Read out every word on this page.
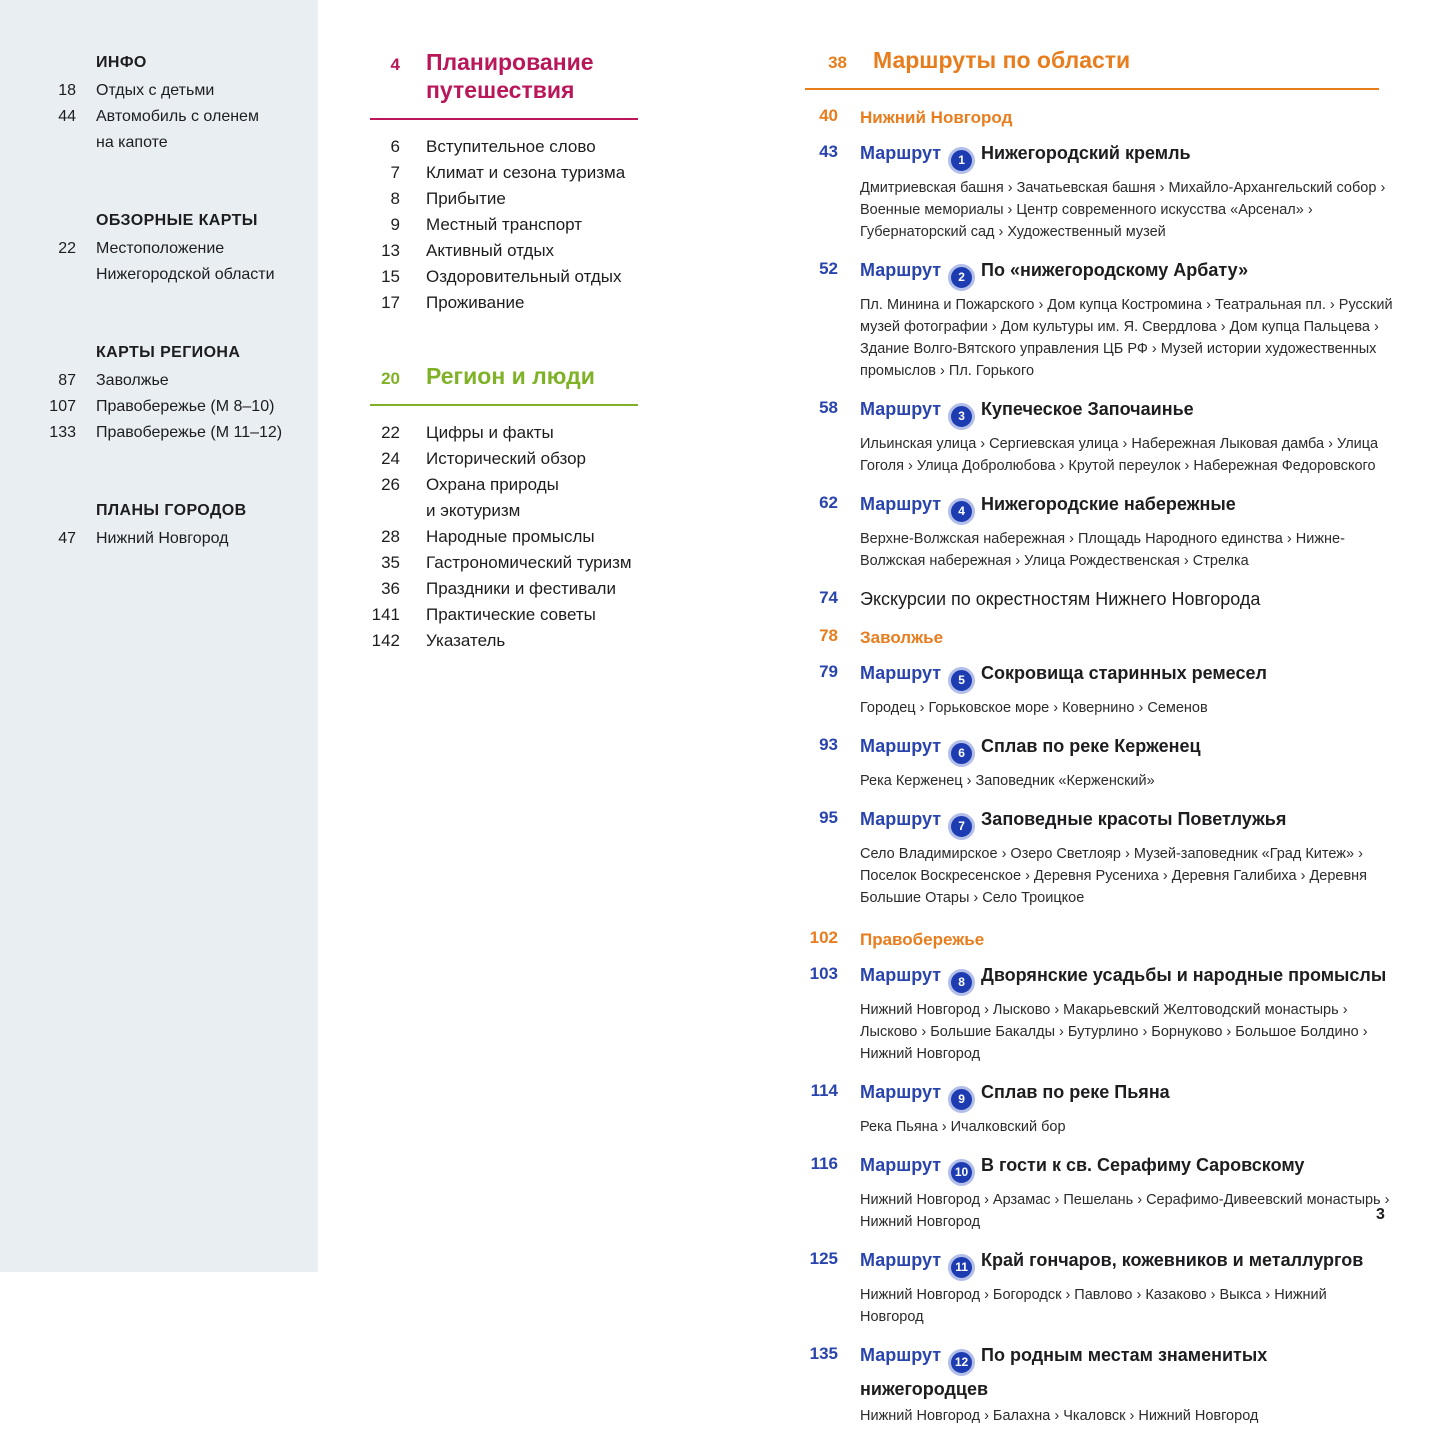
ИНФО
18 Отдых с детьми
44 Автомобиль с оленем
на капоте
ОБЗОРНЫЕ КАРТЫ
22 Местоположение
Нижегородской области
КАРТЫ РЕГИОНА
87 Заволжье
107 Правобережье (М 8–10)
133 Правобережье (М 11–12)
ПЛАНЫ ГОРОДОВ
47 Нижний Новгород
4 Планирование путешествия
6 Вступительное слово
7 Климат и сезона туризма
8 Прибытие
9 Местный транспорт
13 Активный отдых
15 Оздоровительный отдых
17 Проживание
20 Регион и люди
22 Цифры и факты
24 Исторический обзор
26 Охрана природы
и экотуризм
28 Народные промыслы
35 Гастрономический туризм
36 Праздники и фестивали
141 Практические советы
142 Указатель
38 Маршруты по области
40 Нижний Новгород
43 Маршрут 1 Нижегородский кремль
Дмитриевская башня › Зачатьевская башня › Михайло-Архангельский собор › Военные мемориалы › Центр современного искусства «Арсенал» › Губернаторский сад › Художественный музей
52 Маршрут 2 По «нижегородскому Арбату»
Пл. Минина и Пожарского › Дом купца Костромина › Театральная пл. › Русский музей фотографии › Дом культуры им. Я. Свердлова › Дом купца Пальцева › Здание Волго-Вятского управления ЦБ РФ › Музей истории художественных промыслов › Пл. Горького
58 Маршрут 3 Купеческое Започаинье
Ильинская улица › Сергиевская улица › Набережная Лыковая дамба › Улица Гоголя › Улица Добролюбова › Крутой переулок › Набережная Федоровского
62 Маршрут 4 Нижегородские набережные
Верхне-Волжская набережная › Площадь Народного единства › Нижне-Волжская набережная › Улица Рождественская › Стрелка
74 Экскурсии по окрестностям Нижнего Новгорода
78 Заволжье
79 Маршрут 5 Сокровища старинных ремесел
Городец › Горьковское море › Ковернино › Семенов
93 Маршрут 6 Сплав по реке Керженец
Река Керженец › Заповедник «Керженский»
95 Маршрут 7 Заповедные красоты Поветлужья
Село Владимирское › Озеро Светлояр › Музей-заповедник «Град Китеж» › Поселок Воскресенское › Деревня Русениха › Деревня Галибиха › Деревня Большие Отары › Село Троицкое
102 Правобережье
103 Маршрут 8 Дворянские усадьбы и народные промыслы
Нижний Новгород › Лысково › Макарьевский Желтоводский монастырь › Лысково › Большие Бакалды › Бутурлино › Борнуково › Большое Болдино › Нижний Новгород
114 Маршрут 9 Сплав по реке Пьяна
Река Пьяна › Ичалковский бор
116 Маршрут 10 В гости к св. Серафиму Саровскому
Нижний Новгород › Арзамас › Пешелань › Серафимо-Дивеевский монастырь › Нижний Новгород
125 Маршрут 11 Край гончаров, кожевников и металлургов
Нижний Новгород › Богородск › Павлово › Казаково › Выкса › Нижний Новгород
135 Маршрут 12 По родным местам знаменитых нижегородцев
Нижний Новгород › Балахна › Чкаловск › Нижний Новгород
3
